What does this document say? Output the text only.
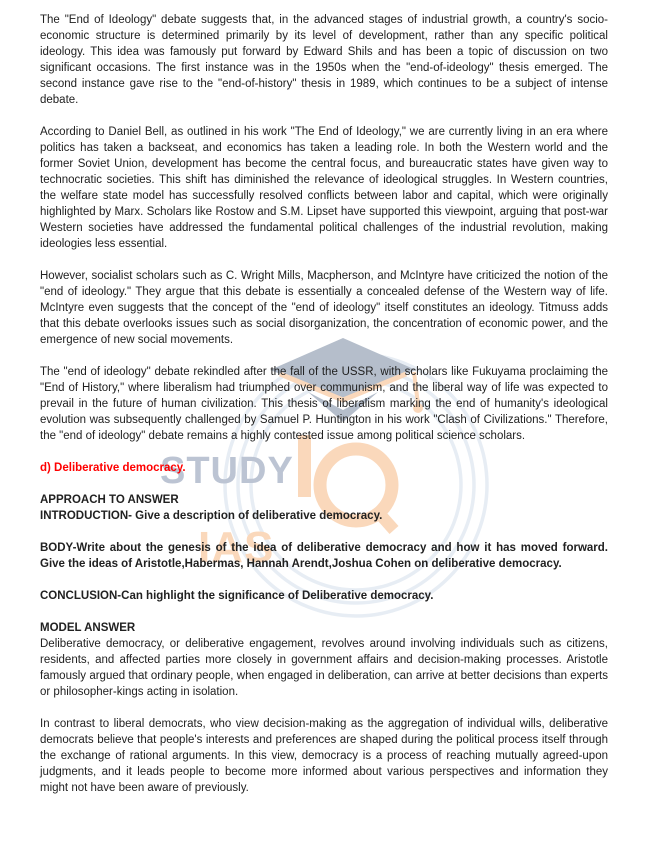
STUDY
IAS

The "End of Ideology" debate suggests that, in the advanced stages of industrial growth, a country's socio-economic structure is determined primarily by its level of development, rather than any specific political ideology. This idea was famously put forward by Edward Shils and has been a topic of discussion on two significant occasions. The first instance was in the 1950s when the "end-of-ideology" thesis emerged. The second instance gave rise to the "end-of-history" thesis in 1989, which continues to be a subject of intense debate.

According to Daniel Bell, as outlined in his work "The End of Ideology," we are currently living in an era where politics has taken a backseat, and economics has taken a leading role. In both the Western world and the former Soviet Union, development has become the central focus, and bureaucratic states have given way to technocratic societies. This shift has diminished the relevance of ideological struggles. In Western countries, the welfare state model has successfully resolved conflicts between labor and capital, which were originally highlighted by Marx. Scholars like Rostow and S.M. Lipset have supported this viewpoint, arguing that post-war Western societies have addressed the fundamental political challenges of the industrial revolution, making ideologies less essential.

However, socialist scholars such as C. Wright Mills, Macpherson, and McIntyre have criticized the notion of the "end of ideology." They argue that this debate is essentially a concealed defense of the Western way of life. McIntyre even suggests that the concept of the "end of ideology" itself constitutes an ideology. Titmuss adds that this debate overlooks issues such as social disorganization, the concentration of economic power, and the emergence of new social movements.

The "end of ideology" debate rekindled after the fall of the USSR, with scholars like Fukuyama proclaiming the "End of History," where liberalism had triumphed over communism, and the liberal way of life was expected to prevail in the future of human civilization. This thesis of liberalism marking the end of humanity's ideological evolution was subsequently challenged by Samuel P. Huntington in his work "Clash of Civilizations." Therefore, the "end of ideology" debate remains a highly contested issue among political science scholars.

d) Deliberative democracy.

APPROACH TO ANSWER

INTRODUCTION- Give a description of deliberative democracy.

BODY-Write about the genesis of the idea of deliberative democracy and how it has moved forward. Give the ideas of Aristotle,Habermas, Hannah Arendt,Joshua Cohen on deliberative democracy.

CONCLUSION-Can highlight the significance of Deliberative democracy.

MODEL ANSWER

Deliberative democracy, or deliberative engagement, revolves around involving individuals such as citizens, residents, and affected parties more closely in government affairs and decision-making processes. Aristotle famously argued that ordinary people, when engaged in deliberation, can arrive at better decisions than experts or philosopher-kings acting in isolation.

In contrast to liberal democrats, who view decision-making as the aggregation of individual wills, deliberative democrats believe that people's interests and preferences are shaped during the political process itself through the exchange of rational arguments. In this view, democracy is a process of reaching mutually agreed-upon judgments, and it leads people to become more informed about various perspectives and information they might not have been aware of previously.
